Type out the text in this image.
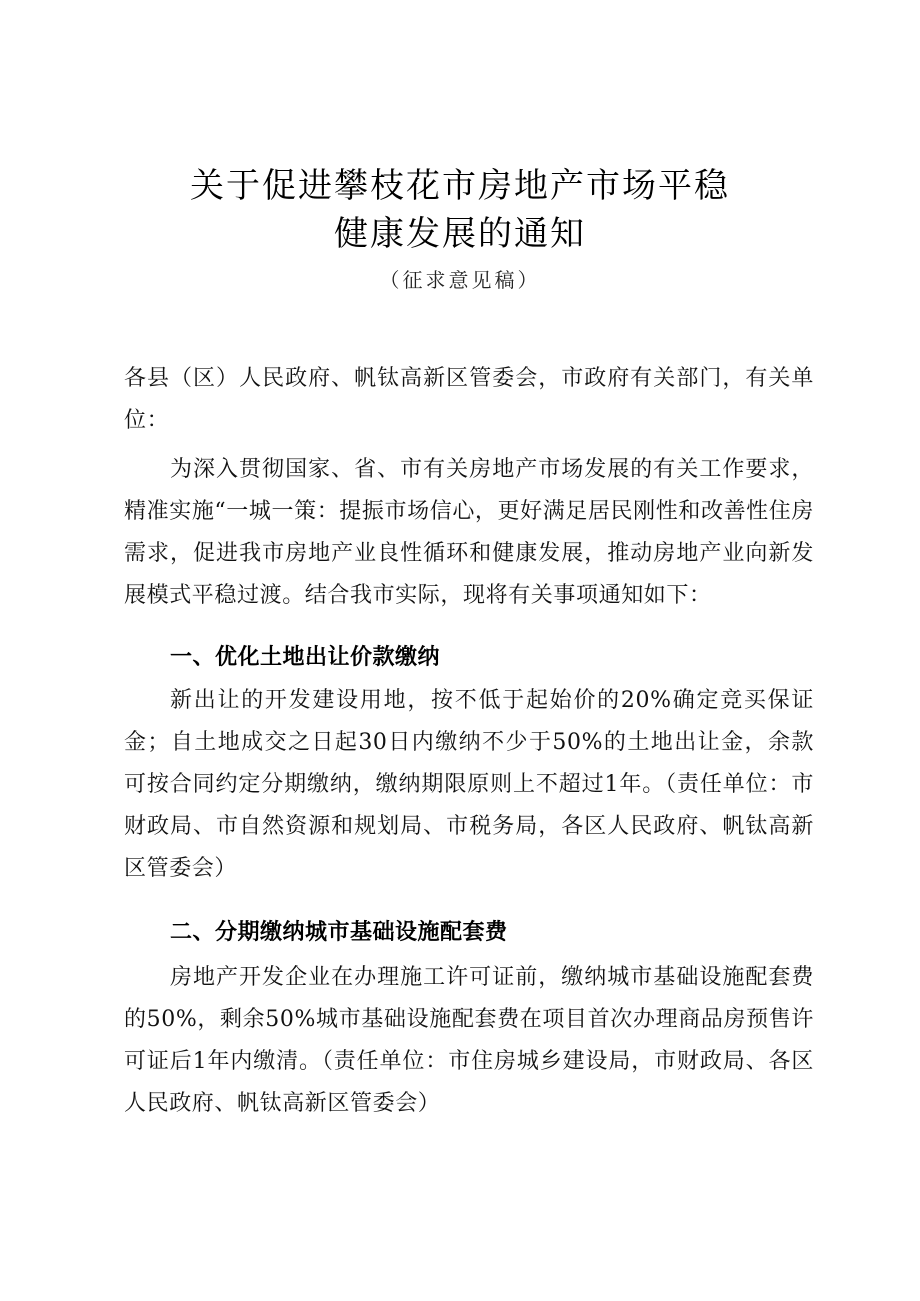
关于促进攀枝花市房地产市场平稳
健康发展的通知
（征求意见稿）

各县（区）人民政府、帆钛高新区管委会，市政府有关部门，有关单位：

为深入贯彻国家、省、市有关房地产市场发展的有关工作要求，精准实施“一城一策：提振市场信心，更好满足居民刚性和改善性住房需求，促进我市房地产业良性循环和健康发展，推动房地产业向新发展模式平稳过渡。结合我市实际，现将有关事项通知如下：

一、优化土地出让价款缴纳

新出让的开发建设用地，按不低于起始价的20%确定竞买保证金；自土地成交之日起30日内缴纳不少于50%的土地出让金，余款可按合同约定分期缴纳，缴纳期限原则上不超过1年。（责任单位：市财政局、市自然资源和规划局、市税务局，各区人民政府、帆钛高新区管委会）

二、分期缴纳城市基础设施配套费

房地产开发企业在办理施工许可证前，缴纳城市基础设施配套费的50%，剩余50%城市基础设施配套费在项目首次办理商品房预售许可证后1年内缴清。（责任单位：市住房城乡建设局，市财政局、各区人民政府、帆钛高新区管委会）
